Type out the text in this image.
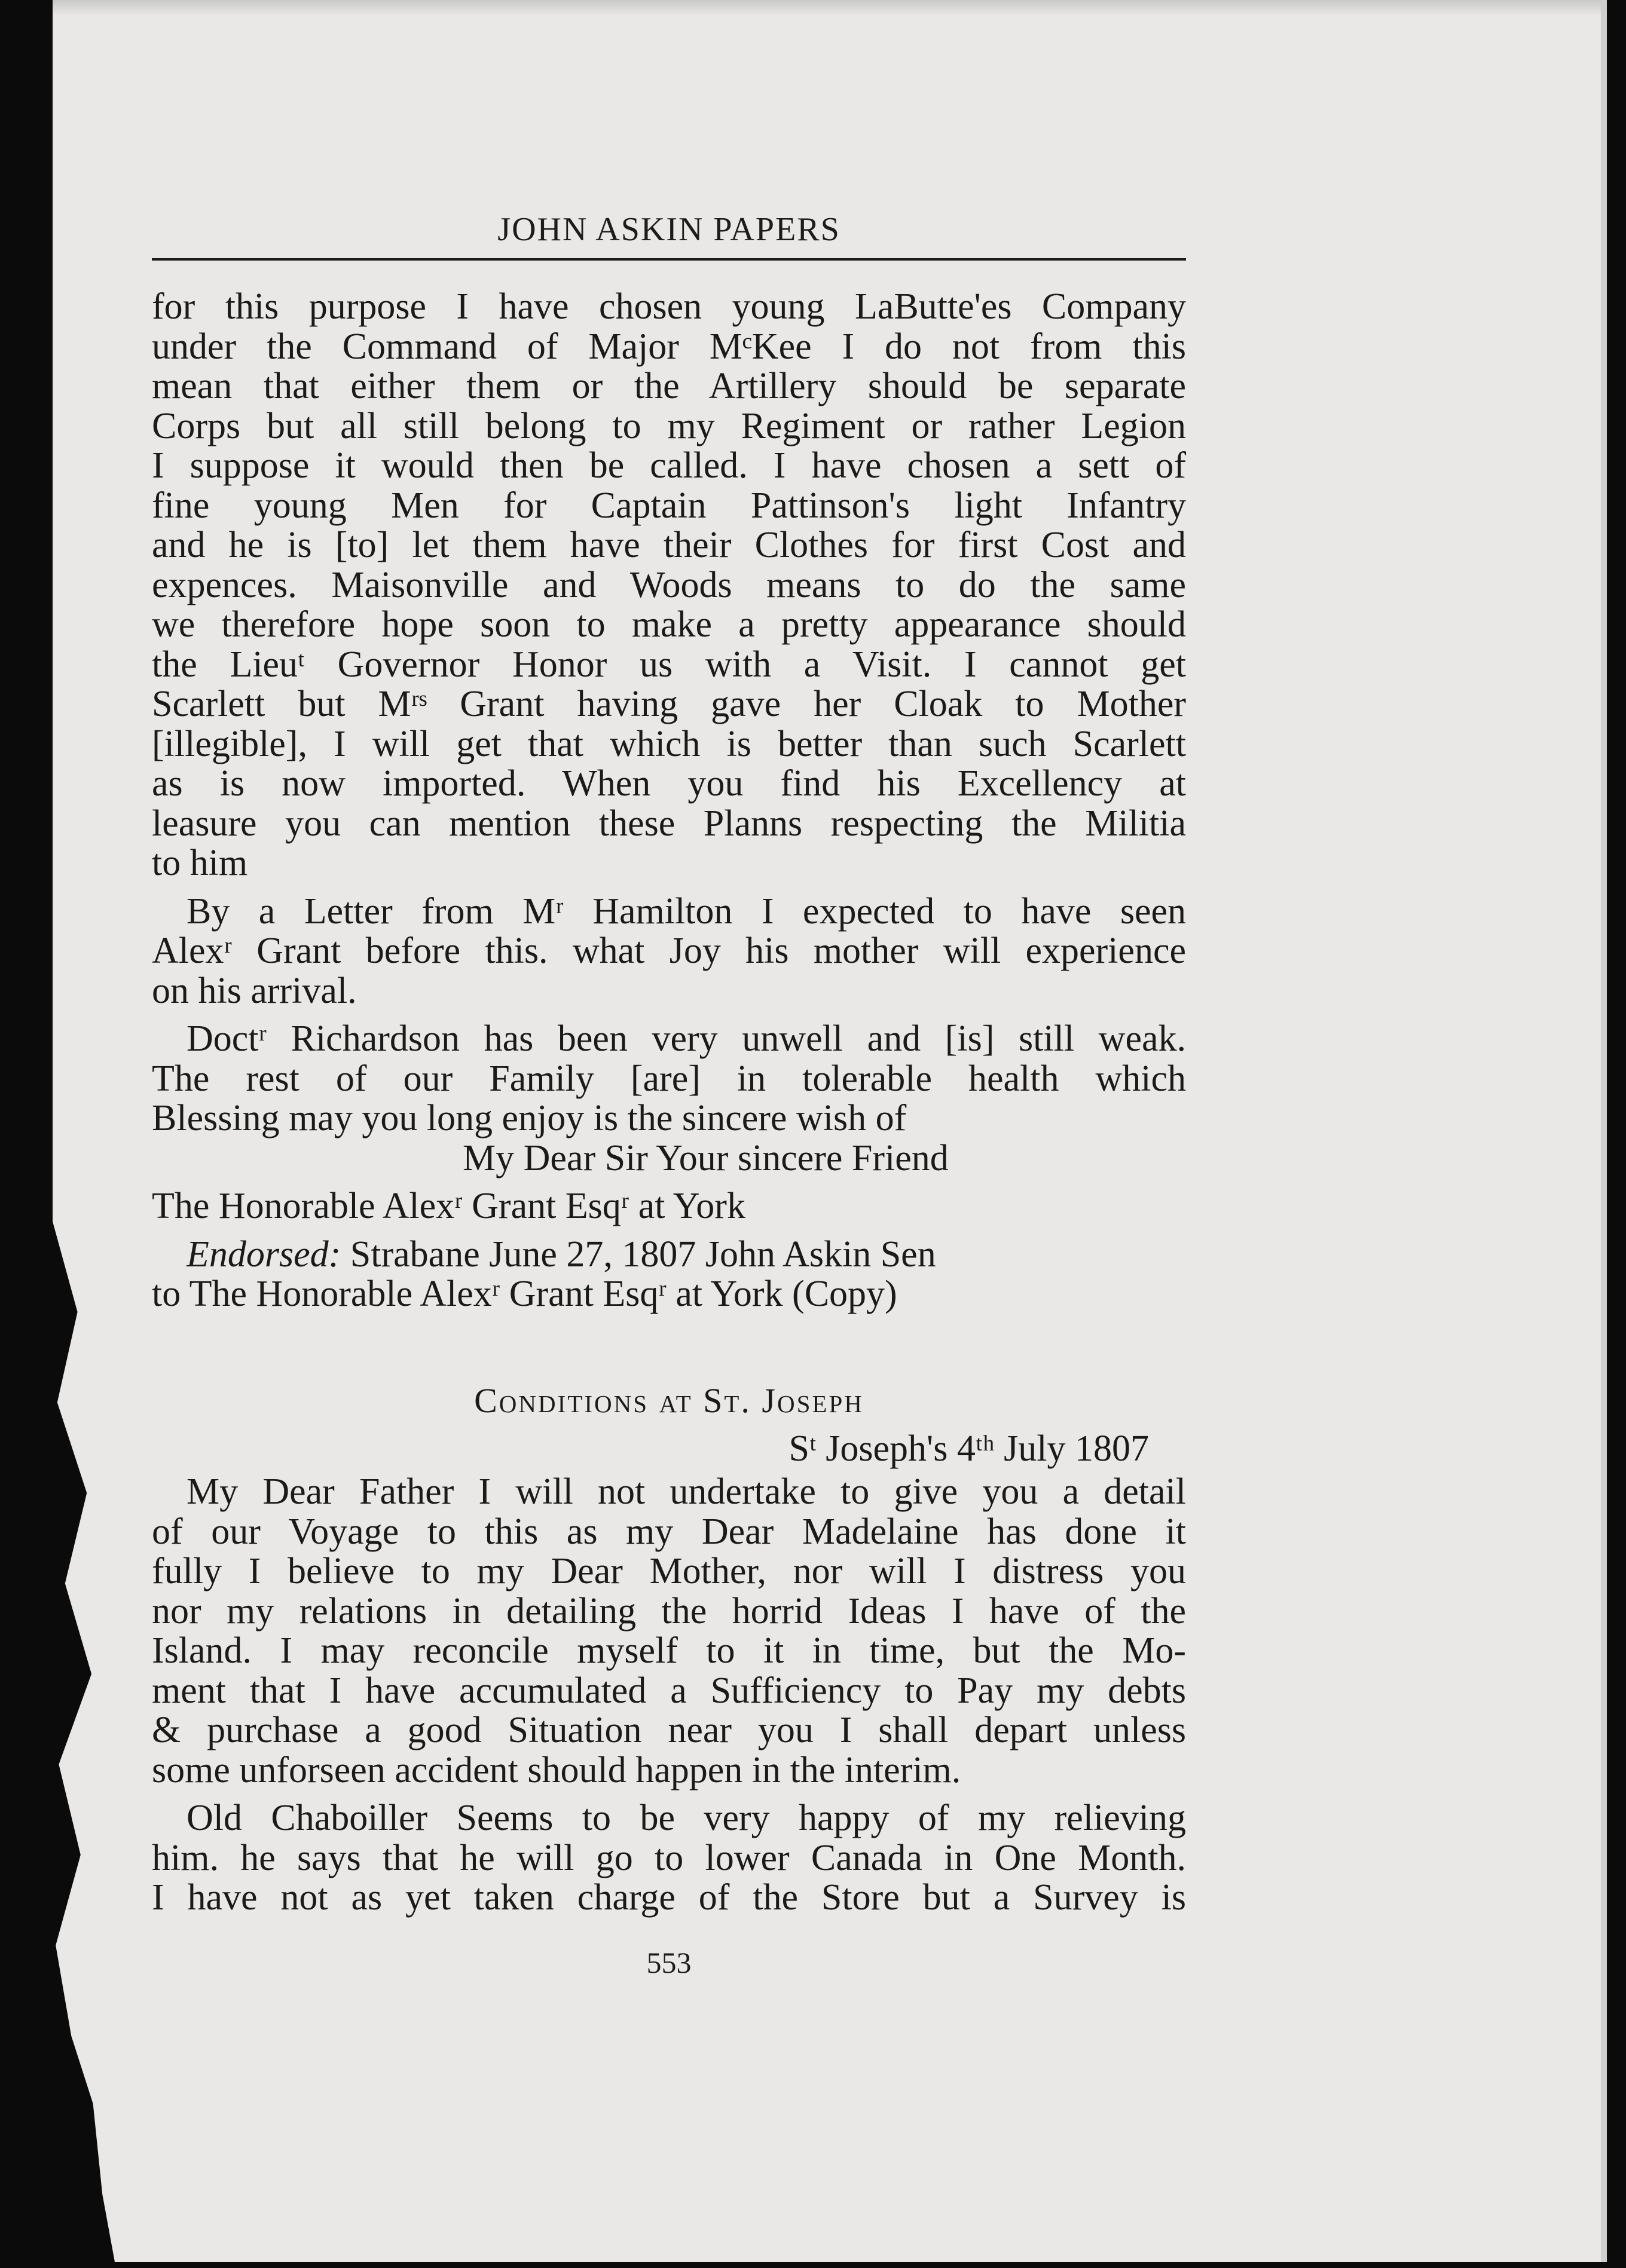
JOHN ASKIN PAPERS
for this purpose I have chosen young LaButte'es Company
under the Command of Major MᶜKee I do not from this
mean that either them or the Artillery should be separate
Corps but all still belong to my Regiment or rather Legion
I suppose it would then be called. I have chosen a sett of
fine young Men for Captain Pattinson's light Infantry
and he is [to] let them have their Clothes for first Cost and
expences. Maisonville and Woods means to do the same
we therefore hope soon to make a pretty appearance should
the Lieuᵗ Governor Honor us with a Visit. I cannot get
Scarlett but Mʳˢ Grant having gave her Cloak to Mother
[illegible], I will get that which is better than such Scarlett
as is now imported. When you find his Excellency at
leasure you can mention these Planns respecting the Militia
to him
By a Letter from Mʳ Hamilton I expected to have seen
Alexʳ Grant before this. what Joy his mother will experience
on his arrival.
Doctʳ Richardson has been very unwell and [is] still weak.
The rest of our Family [are] in tolerable health which
Blessing may you long enjoy is the sincere wish of
My Dear Sir Your sincere Friend
The Honorable Alexʳ Grant Esqʳ at York
Endorsed: Strabane June 27, 1807 John Askin Sen
to The Honorable Alexʳ Grant Esqʳ at York (Copy)
Conditions at St. Joseph
Sᵗ Joseph's 4ᵗʰ July 1807
My Dear Father I will not undertake to give you a detail
of our Voyage to this as my Dear Madelaine has done it
fully I believe to my Dear Mother, nor will I distress you
nor my relations in detailing the horrid Ideas I have of the
Island. I may reconcile myself to it in time, but the Mo-
ment that I have accumulated a Sufficiency to Pay my debts
& purchase a good Situation near you I shall depart unless
some unforseen accident should happen in the interim.
Old Chaboiller Seems to be very happy of my relieving
him. he says that he will go to lower Canada in One Month.
I have not as yet taken charge of the Store but a Survey is
553
